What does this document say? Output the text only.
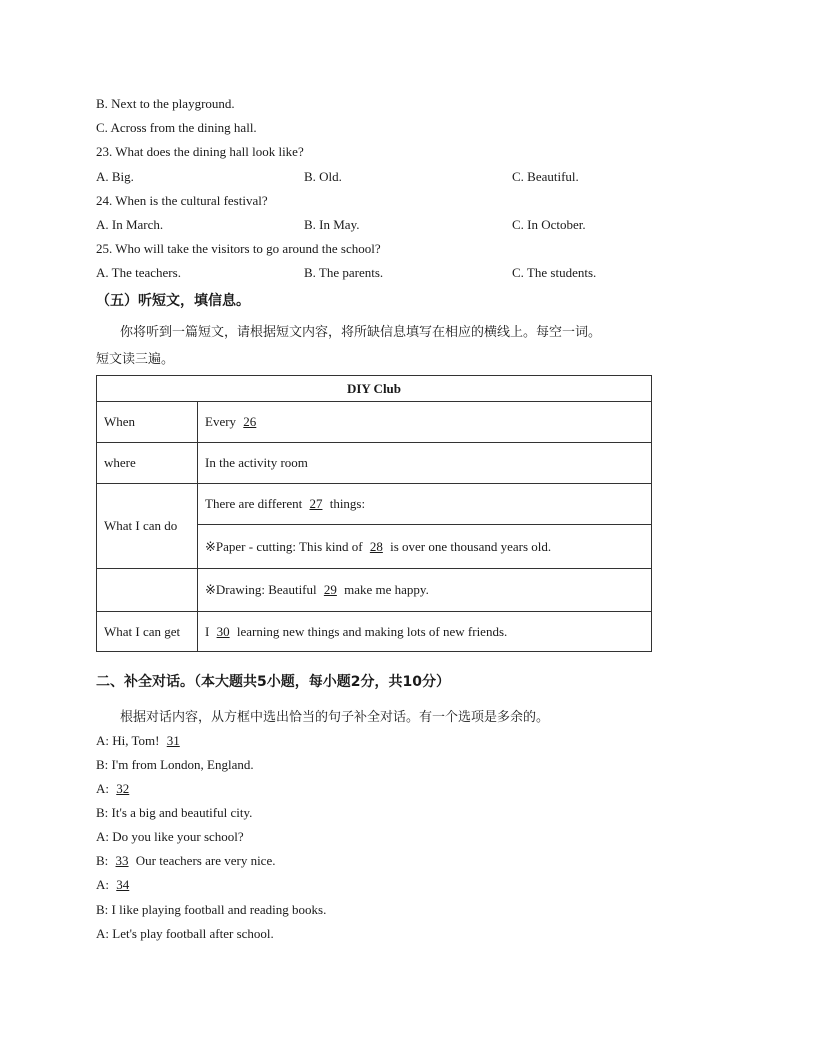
B. Next to the playground.
C. Across from the dining hall.
23. What does the dining hall look like?
A. Big.	B. Old.	C. Beautiful.
24. When is the cultural festival?
A. In March.	B. In May.	C. In October.
25. Who will take the visitors to go around the school?
A. The teachers.	B. The parents.	C. The students.
（五）听短文，填信息。
你将听到一篇短文，请根据短文内容，将所缺信息填写在相应的横线上。每空一词。
短文读三遍。
DIY Club	
When	Every 26
where	In the activity room
What I can do	There are different 27 things:
	※Paper - cutting: This kind of 28 is over one thousand years old.
	※Drawing: Beautiful 29 make me happy.
What I can get	I 30 learning new things and making lots of new friends.
二、补全对话。（本大题共5小题，每小题2分，共10分）
根据对话内容，从方框中选出恰当的句子补全对话。有一个选项是多余的。
A: Hi, Tom! 31
B: I'm from London, England.
A: 32
B: It's a big and beautiful city.
A: Do you like your school?
B: 33 Our teachers are very nice.
A: 34
B: I like playing football and reading books.
A: Let's play football after school.
